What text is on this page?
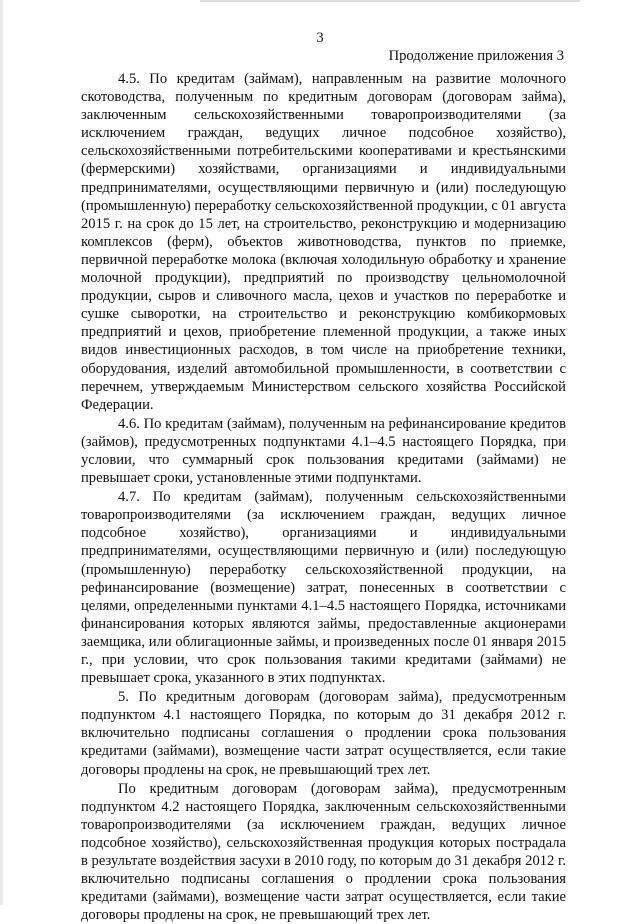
3
Продолжение приложения 3

4.5. По кредитам (займам), направленным на развитие молочного скотоводства, полученным по кредитным договорам (договорам займа), заключенным сельскохозяйственными товаропроизводителями (за исключением граждан, ведущих личное подсобное хозяйство), сельскохозяйственными потребительскими кооперативами и крестьянскими (фермерскими) хозяйствами, организациями и индивидуальными предпринимателями, осуществляющими первичную и (или) последующую (промышленную) переработку сельскохозяйственной продукции, с 01 августа 2015 г. на срок до 15 лет, на строительство, реконструкцию и модернизацию комплексов (ферм), объектов животноводства, пунктов по приемке, первичной переработке молока (включая холодильную обработку и хранение молочной продукции), предприятий по производству цельномолочной продукции, сыров и сливочного масла, цехов и участков по переработке и сушке сыворотки, на строительство и реконструкцию комбикормовых предприятий и цехов, приобретение племенной продукции, а также иных видов инвестиционных расходов, в том числе на приобретение техники, оборудования, изделий автомобильной промышленности, в соответствии с перечнем, утверждаемым Министерством сельского хозяйства Российской Федерации.

4.6. По кредитам (займам), полученным на рефинансирование кредитов (займов), предусмотренных подпунктами 4.1–4.5 настоящего Порядка, при условии, что суммарный срок пользования кредитами (займами) не превышает сроки, установленные этими подпунктами.

4.7. По кредитам (займам), полученным сельскохозяйственными товаропроизводителями (за исключением граждан, ведущих личное подсобное хозяйство), организациями и индивидуальными предпринимателями, осуществляющими первичную и (или) последующую (промышленную) переработку сельскохозяйственной продукции, на рефинансирование (возмещение) затрат, понесенных в соответствии с целями, определенными пунктами 4.1–4.5 настоящего Порядка, источниками финансирования которых являются займы, предоставленные акционерами заемщика, или облигационные займы, и произведенных после 01 января 2015 г., при условии, что срок пользования такими кредитами (займами) не превышает срока, указанного в этих подпунктах.

5. По кредитным договорам (договорам займа), предусмотренным подпунктом 4.1 настоящего Порядка, по которым до 31 декабря 2012 г. включительно подписаны соглашения о продлении срока пользования кредитами (займами), возмещение части затрат осуществляется, если такие договоры продлены на срок, не превышающий трех лет.

По кредитным договорам (договорам займа), предусмотренным подпунктом 4.2 настоящего Порядка, заключенным сельскохозяйственными товаропроизводителями (за исключением граждан, ведущих личное подсобное хозяйство), сельскохозяйственная продукция которых пострадала в результате воздействия засухи в 2010 году, по которым до 31 декабря 2012 г. включительно подписаны соглашения о продлении срока пользования кредитами (займами), возмещение части затрат осуществляется, если такие договоры продлены на срок, не превышающий трех лет.
